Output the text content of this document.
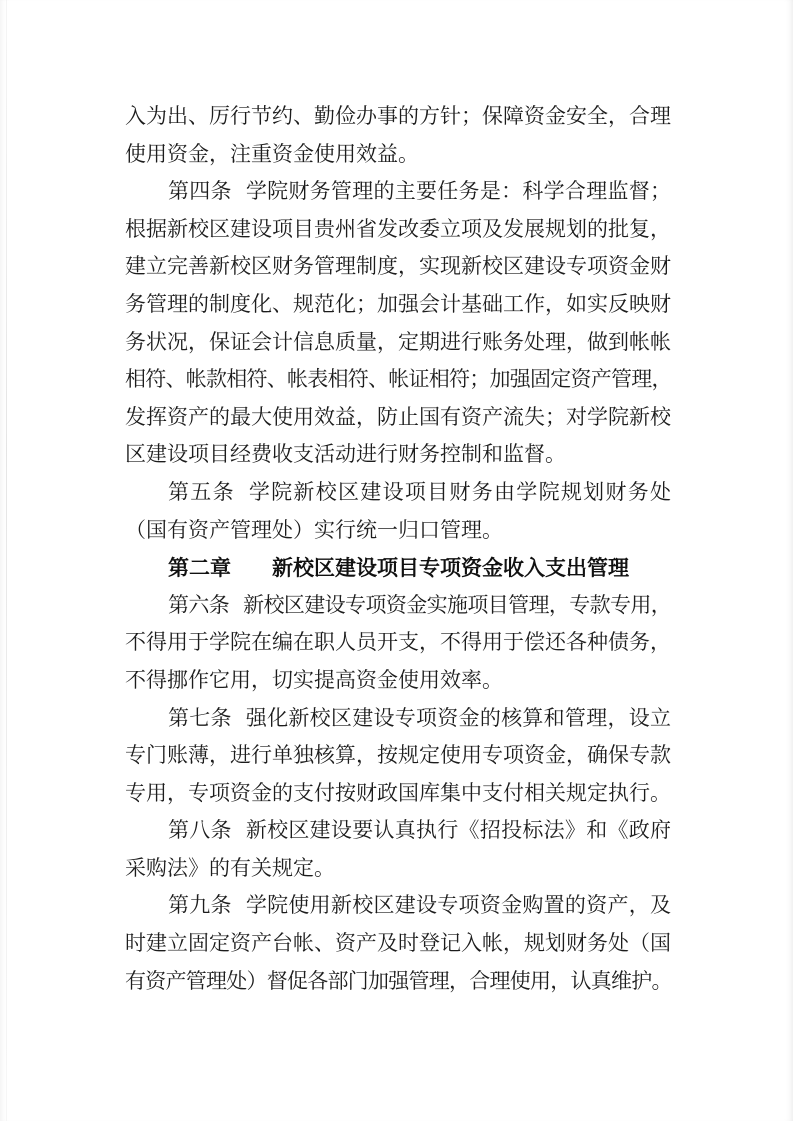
入为出、厉行节约、勤俭办事的方针；保障资金安全，合理
使用资金，注重资金使用效益。
第四条 学院财务管理的主要任务是：科学合理监督；
根据新校区建设项目贵州省发改委立项及发展规划的批复，
建立完善新校区财务管理制度，实现新校区建设专项资金财
务管理的制度化、规范化；加强会计基础工作，如实反映财
务状况，保证会计信息质量，定期进行账务处理，做到帐帐
相符、帐款相符、帐表相符、帐证相符；加强固定资产管理，
发挥资产的最大使用效益，防止国有资产流失；对学院新校
区建设项目经费收支活动进行财务控制和监督。
第五条 学院新校区建设项目财务由学院规划财务处
（国有资产管理处）实行统一归口管理。
第二章 新校区建设项目专项资金收入支出管理
第六条 新校区建设专项资金实施项目管理，专款专用，
不得用于学院在编在职人员开支，不得用于偿还各种债务，
不得挪作它用，切实提高资金使用效率。
第七条 强化新校区建设专项资金的核算和管理，设立
专门账薄，进行单独核算，按规定使用专项资金，确保专款
专用，专项资金的支付按财政国库集中支付相关规定执行。
第八条 新校区建设要认真执行《招投标法》和《政府
采购法》的有关规定。
第九条 学院使用新校区建设专项资金购置的资产，及
时建立固定资产台帐、资产及时登记入帐，规划财务处（国
有资产管理处）督促各部门加强管理，合理使用，认真维护。
